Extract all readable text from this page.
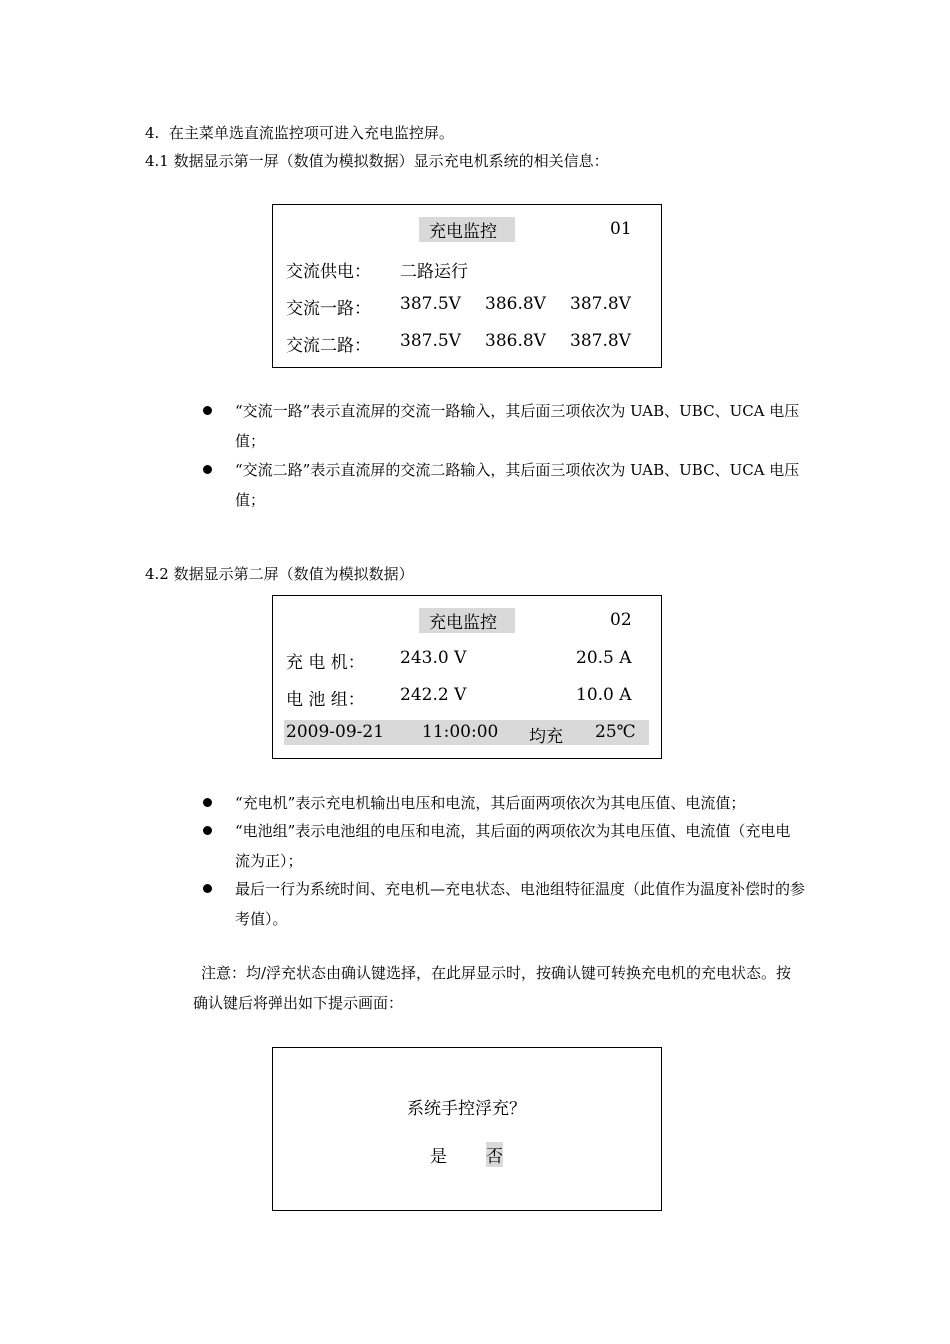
4.  在主菜单选直流监控项可进入充电监控屏。
4.1 数据显示第一屏（数值为模拟数据）显示充电机系统的相关信息：
充电监控	01
交流供电： 二路运行
交流一路： 387.5V 386.8V 387.8V
交流二路： 387.5V 386.8V 387.8V
“交流一路”表示直流屏的交流一路输入，其后面三项依次为 UAB、UBC、UCA 电压值；
“交流二路”表示直流屏的交流二路输入，其后面三项依次为 UAB、UBC、UCA 电压值；
4.2 数据显示第二屏（数值为模拟数据）
充电监控	02
充 电 机： 243.0 V	20.5 A
电 池 组： 242.2 V	10.0 A
2009-09-21 11:00:00 均充 25℃
“充电机”表示充电机输出电压和电流，其后面两项依次为其电压值、电流值；
“电池组”表示电池组的电压和电流，其后面的两项依次为其电压值、电流值（充电电流为正）；
最后一行为系统时间、充电机—充电状态、电池组特征温度（此值作为温度补偿时的参考值）。
注意：均/浮充状态由确认键选择，在此屏显示时，按确认键可转换充电机的充电状态。按确认键后将弹出如下提示画面：
系统手控浮充？
是 否
